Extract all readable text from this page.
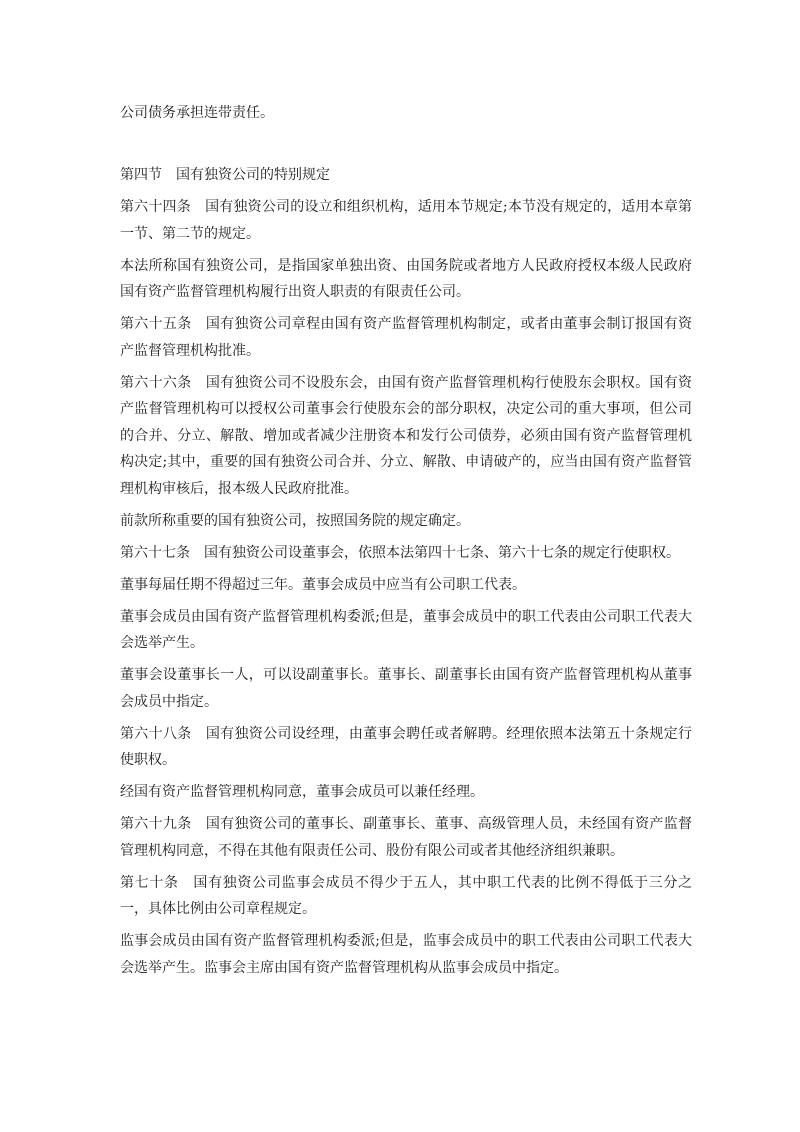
公司债务承担连带责任。

第四节 国有独资公司的特别规定

第六十四条 国有独资公司的设立和组织机构，适用本节规定;本节没有规定的，适用本章第一节、第二节的规定。

本法所称国有独资公司，是指国家单独出资、由国务院或者地方人民政府授权本级人民政府国有资产监督管理机构履行出资人职责的有限责任公司。

第六十五条 国有独资公司章程由国有资产监督管理机构制定，或者由董事会制订报国有资产监督管理机构批准。

第六十六条 国有独资公司不设股东会，由国有资产监督管理机构行使股东会职权。国有资产监督管理机构可以授权公司董事会行使股东会的部分职权，决定公司的重大事项，但公司的合并、分立、解散、增加或者减少注册资本和发行公司债券，必须由国有资产监督管理机构决定;其中，重要的国有独资公司合并、分立、解散、申请破产的，应当由国有资产监督管理机构审核后，报本级人民政府批准。

前款所称重要的国有独资公司，按照国务院的规定确定。

第六十七条 国有独资公司设董事会，依照本法第四十七条、第六十七条的规定行使职权。

董事每届任期不得超过三年。董事会成员中应当有公司职工代表。

董事会成员由国有资产监督管理机构委派;但是，董事会成员中的职工代表由公司职工代表大会选举产生。

董事会设董事长一人，可以设副董事长。董事长、副董事长由国有资产监督管理机构从董事会成员中指定。

第六十八条 国有独资公司设经理，由董事会聘任或者解聘。经理依照本法第五十条规定行使职权。

经国有资产监督管理机构同意，董事会成员可以兼任经理。

第六十九条 国有独资公司的董事长、副董事长、董事、高级管理人员，未经国有资产监督管理机构同意，不得在其他有限责任公司、股份有限公司或者其他经济组织兼职。

第七十条 国有独资公司监事会成员不得少于五人，其中职工代表的比例不得低于三分之一，具体比例由公司章程规定。

监事会成员由国有资产监督管理机构委派;但是，监事会成员中的职工代表由公司职工代表大会选举产生。监事会主席由国有资产监督管理机构从监事会成员中指定。
